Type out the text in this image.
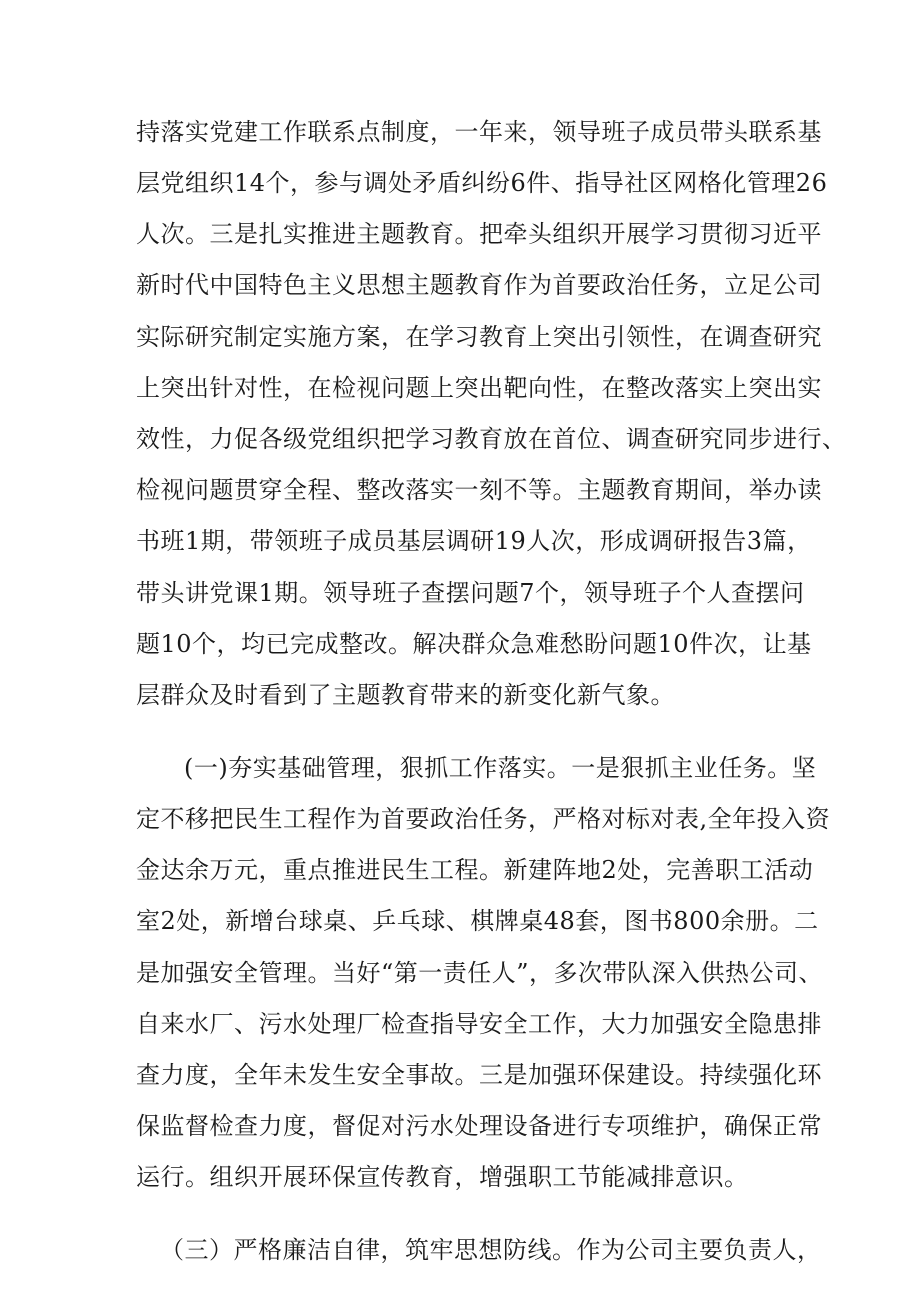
持落实党建工作联系点制度，一年来，领导班子成员带头联系基
层党组织14个，参与调处矛盾纠纷6件、指导社区网格化管理26
人次。三是扎实推进主题教育。把牵头组织开展学习贯彻习近平
新时代中国特色主义思想主题教育作为首要政治任务，立足公司
实际研究制定实施方案，在学习教育上突出引领性，在调查研究
上突出针对性，在检视问题上突出靶向性，在整改落实上突出实
效性，力促各级党组织把学习教育放在首位、调查研究同步进行、
检视问题贯穿全程、整改落实一刻不等。主题教育期间，举办读
书班1期，带领班子成员基层调研19人次，形成调研报告3篇，
带头讲党课1期。领导班子查摆问题7个，领导班子个人查摆问
题10个，均已完成整改。解决群众急难愁盼问题10件次，让基
层群众及时看到了主题教育带来的新变化新气象。
(一)夯实基础管理，狠抓工作落实。一是狠抓主业任务。坚
定不移把民生工程作为首要政治任务，严格对标对表,全年投入资
金达余万元，重点推进民生工程。新建阵地2处，完善职工活动
室2处，新增台球桌、乒乓球、棋牌桌48套，图书800余册。二
是加强安全管理。当好“第一责任人”，多次带队深入供热公司、
自来水厂、污水处理厂检查指导安全工作，大力加强安全隐患排
查力度，全年未发生安全事故。三是加强环保建设。持续强化环
保监督检查力度，督促对污水处理设备进行专项维护，确保正常
运行。组织开展环保宣传教育，增强职工节能减排意识。
（三）严格廉洁自律，筑牢思想防线。作为公司主要负责人，
